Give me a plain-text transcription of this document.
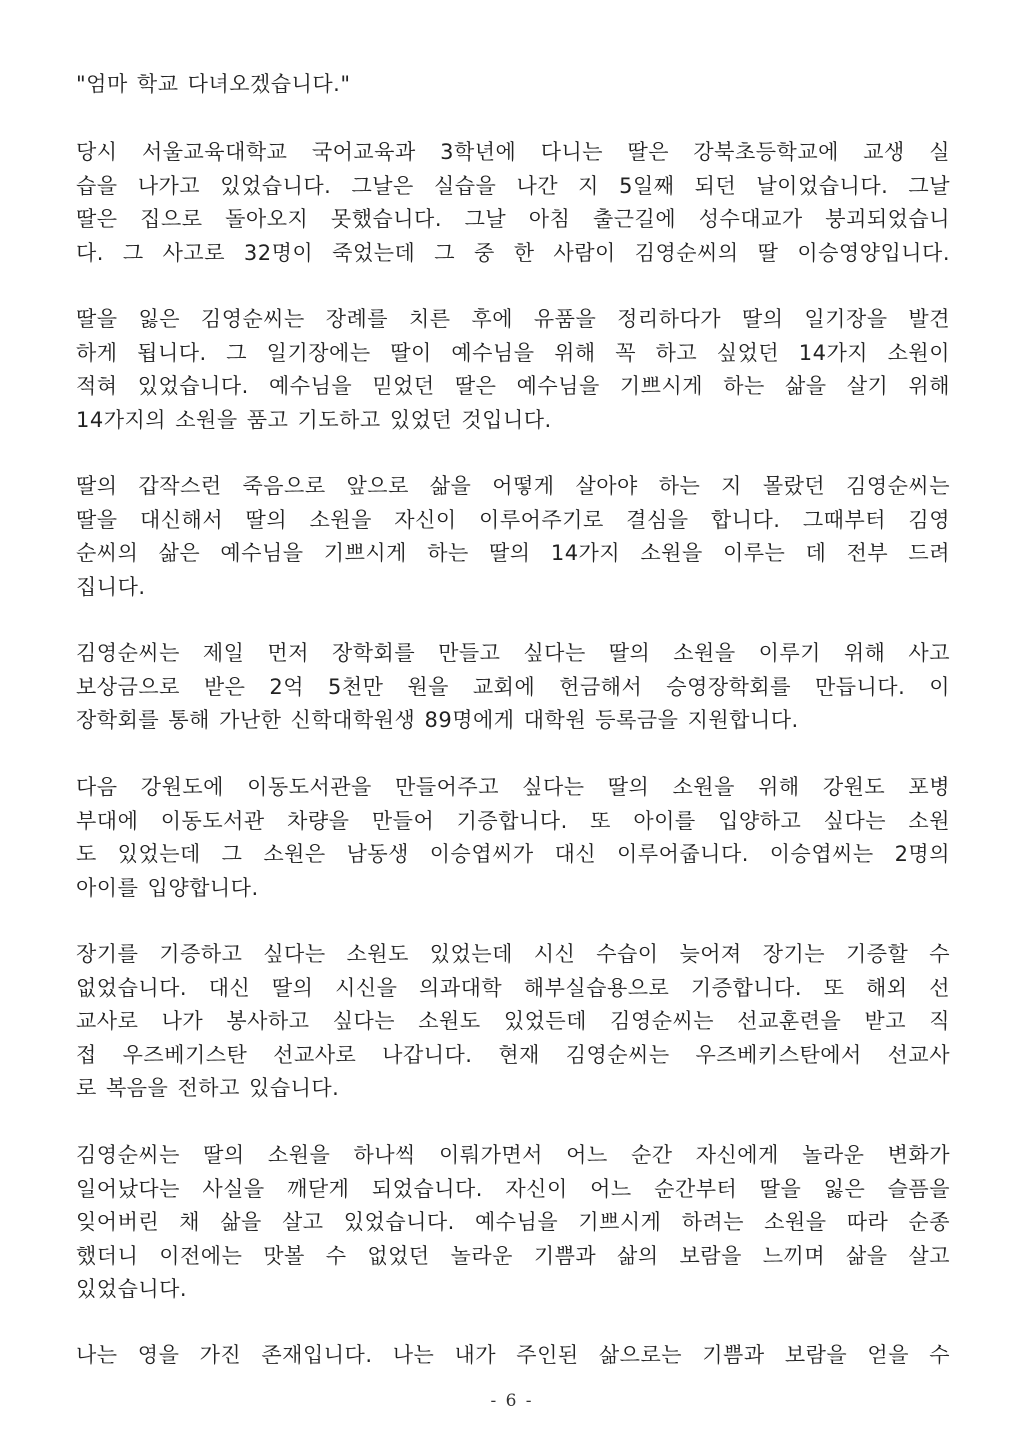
"엄마 학교 다녀오겠습니다."

당시 서울교육대학교 국어교육과 3학년에 다니는 딸은 강북초등학교에 교생 실
습을 나가고 있었습니다. 그날은 실습을 나간 지 5일째 되던 날이었습니다. 그날
딸은 집으로 돌아오지 못했습니다. 그날 아침 출근길에 성수대교가 붕괴되었습니
다. 그 사고로 32명이 죽었는데 그 중 한 사람이 김영순씨의 딸 이승영양입니다.

딸을 잃은 김영순씨는 장례를 치른 후에 유품을 정리하다가 딸의 일기장을 발견
하게 됩니다. 그 일기장에는 딸이 예수님을 위해 꼭 하고 싶었던 14가지 소원이
적혀 있었습니다. 예수님을 믿었던 딸은 예수님을 기쁘시게 하는 삶을 살기 위해
14가지의 소원을 품고 기도하고 있었던 것입니다.

딸의 갑작스런 죽음으로 앞으로 삶을 어떻게 살아야 하는 지 몰랐던 김영순씨는
딸을 대신해서 딸의 소원을 자신이 이루어주기로 결심을 합니다. 그때부터 김영
순씨의 삶은 예수님을 기쁘시게 하는 딸의 14가지 소원을 이루는 데 전부 드려
집니다.

김영순씨는 제일 먼저 장학회를 만들고 싶다는 딸의 소원을 이루기 위해 사고
보상금으로 받은 2억 5천만 원을 교회에 헌금해서 승영장학회를 만듭니다. 이
장학회를 통해 가난한 신학대학원생 89명에게 대학원 등록금을 지원합니다.

다음 강원도에 이동도서관을 만들어주고 싶다는 딸의 소원을 위해 강원도 포병
부대에 이동도서관 차량을 만들어 기증합니다. 또 아이를 입양하고 싶다는 소원
도 있었는데 그 소원은 남동생 이승엽씨가 대신 이루어줍니다. 이승엽씨는 2명의
아이를 입양합니다.

장기를 기증하고 싶다는 소원도 있었는데 시신 수습이 늦어져 장기는 기증할 수
없었습니다. 대신 딸의 시신을 의과대학 해부실습용으로 기증합니다. 또 해외 선
교사로 나가 봉사하고 싶다는 소원도 있었든데 김영순씨는 선교훈련을 받고 직
접 우즈베기스탄 선교사로 나갑니다. 현재 김영순씨는 우즈베키스탄에서 선교사
로 복음을 전하고 있습니다.

김영순씨는 딸의 소원을 하나씩 이뤄가면서 어느 순간 자신에게 놀라운 변화가
일어났다는 사실을 깨닫게 되었습니다. 자신이 어느 순간부터 딸을 잃은 슬픔을
잊어버린 채 삶을 살고 있었습니다. 예수님을 기쁘시게 하려는 소원을 따라 순종
했더니 이전에는 맛볼 수 없었던 놀라운 기쁨과 삶의 보람을 느끼며 삶을 살고
있었습니다.

나는 영을 가진 존재입니다. 나는 내가 주인된 삶으로는 기쁨과 보람을 얻을 수

- 6 -
